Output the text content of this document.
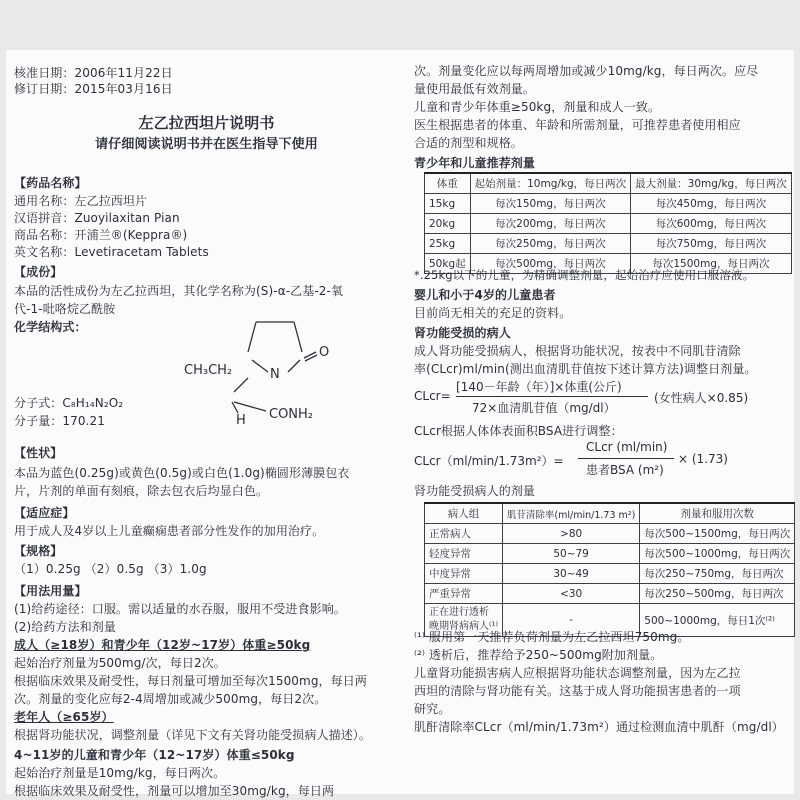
核准日期：2006年11月22日
修订日期：2015年03月16日
左乙拉西坦片说明书
请仔细阅读说明书并在医生指导下使用
【药品名称】
通用名称：左乙拉西坦片
汉语拼音：Zuoyilaxitan Pian
商品名称：开浦兰®(Keppra®)
英文名称：Levetiracetam Tablets
【成份】
本品的活性成份为左乙拉西坦，其化学名称为(S)-α-乙基-2-氧
代-1-吡咯烷乙酰胺
化学结构式：
CH₃CH₂	N
O
H CONH₂
分子式：C₈H₁₄N₂O₂
分子量：170.21
【性状】
本品为蓝色(0.25g)或黄色(0.5g)或白色(1.0g)椭圆形薄膜包衣
片，片剂的单面有刻痕，除去包衣后均显白色。
【适应症】
用于成人及4岁以上儿童癫痫患者部分性发作的加用治疗。
【规格】
（1）0.25g （2）0.5g （3）1.0g
【用法用量】
(1)给药途径：口服。需以适量的水吞服，服用不受进食影响。
(2)给药方法和剂量
成人（≥18岁）和青少年（12岁~17岁）体重≥50kg
起始治疗剂量为500mg/次，每日2次。
根据临床效果及耐受性，每日剂量可增加至每次1500mg，每日两
次。剂量的变化应每2-4周增加或减少500mg，每日2次。
老年人（≥65岁）
根据肾功能状况，调整剂量（详见下文有关肾功能受损病人描述）。
4~11岁的儿童和青少年（12~17岁）体重≤50kg
起始治疗剂量是10mg/kg，每日两次。
根据临床效果及耐受性，剂量可以增加至30mg/kg，每日两
次。剂量变化应以每两周增加或减少10mg/kg，每日两次。应尽
量使用最低有效剂量。
儿童和青少年体重≥50kg，剂量和成人一致。
医生根据患者的体重、年龄和所需剂量，可推荐患者使用相应
合适的剂型和规格。
青少年和儿童推荐剂量
体重	起始剂量：10mg/kg，每日两次	最大剂量：30mg/kg，每日两次
15kg	每次150mg，每日两次	每次450mg，每日两次
20kg	每次200mg，每日两次	每次600mg，每日两次
25kg	每次250mg，每日两次	每次750mg，每日两次
50kg起	每次500mg，每日两次	每次1500mg，每日两次
*.25kg以下的儿童，为精确调整剂量，起始治疗应使用口服溶液。
婴儿和小于4岁的儿童患者
目前尚无相关的充足的资料。
肾功能受损的病人
成人肾功能受损病人，根据肾功能状况，按表中不同肌苷清除
率(CLcr)ml/min(测出血清肌苷值按下述计算方法)调整日剂量。
CLcr=
[140－年龄（年）]×体重(公斤)
72×血清肌苷值（mg/dl）
(女性病人×0.85)
CLcr根据人体体表面积BSA进行调整：
CLcr（ml/min/1.73m²）=
CLcr (ml/min)
患者BSA (m²)
× (1.73)
肾功能受损病人的剂量
病人组	肌苷清除率(ml/min/1.73 m²)	剂量和服用次数
正常病人	>80	每次500~1500mg，每日两次
轻度异常	50~79	每次500~1000mg，每日两次
中度异常	30~49	每次250~750mg，每日两次
严重异常	<30	每次250~500mg，每日两次
正在进行透析
晚期肾病病人⁽¹⁾	-	500~1000mg，每日1次⁽²⁾
⁽¹⁾ 服用第一天推荐负荷剂量为左乙拉西坦750mg。
⁽²⁾ 透析后，推荐给予250~500mg附加剂量。
儿童肾功能损害病人应根据肾功能状态调整剂量，因为左乙拉
西坦的清除与肾功能有关。这基于成人肾功能损害患者的一项
研究。
肌酐清除率CLcr（ml/min/1.73m²）通过检测血清中肌酐（mg/dl）
